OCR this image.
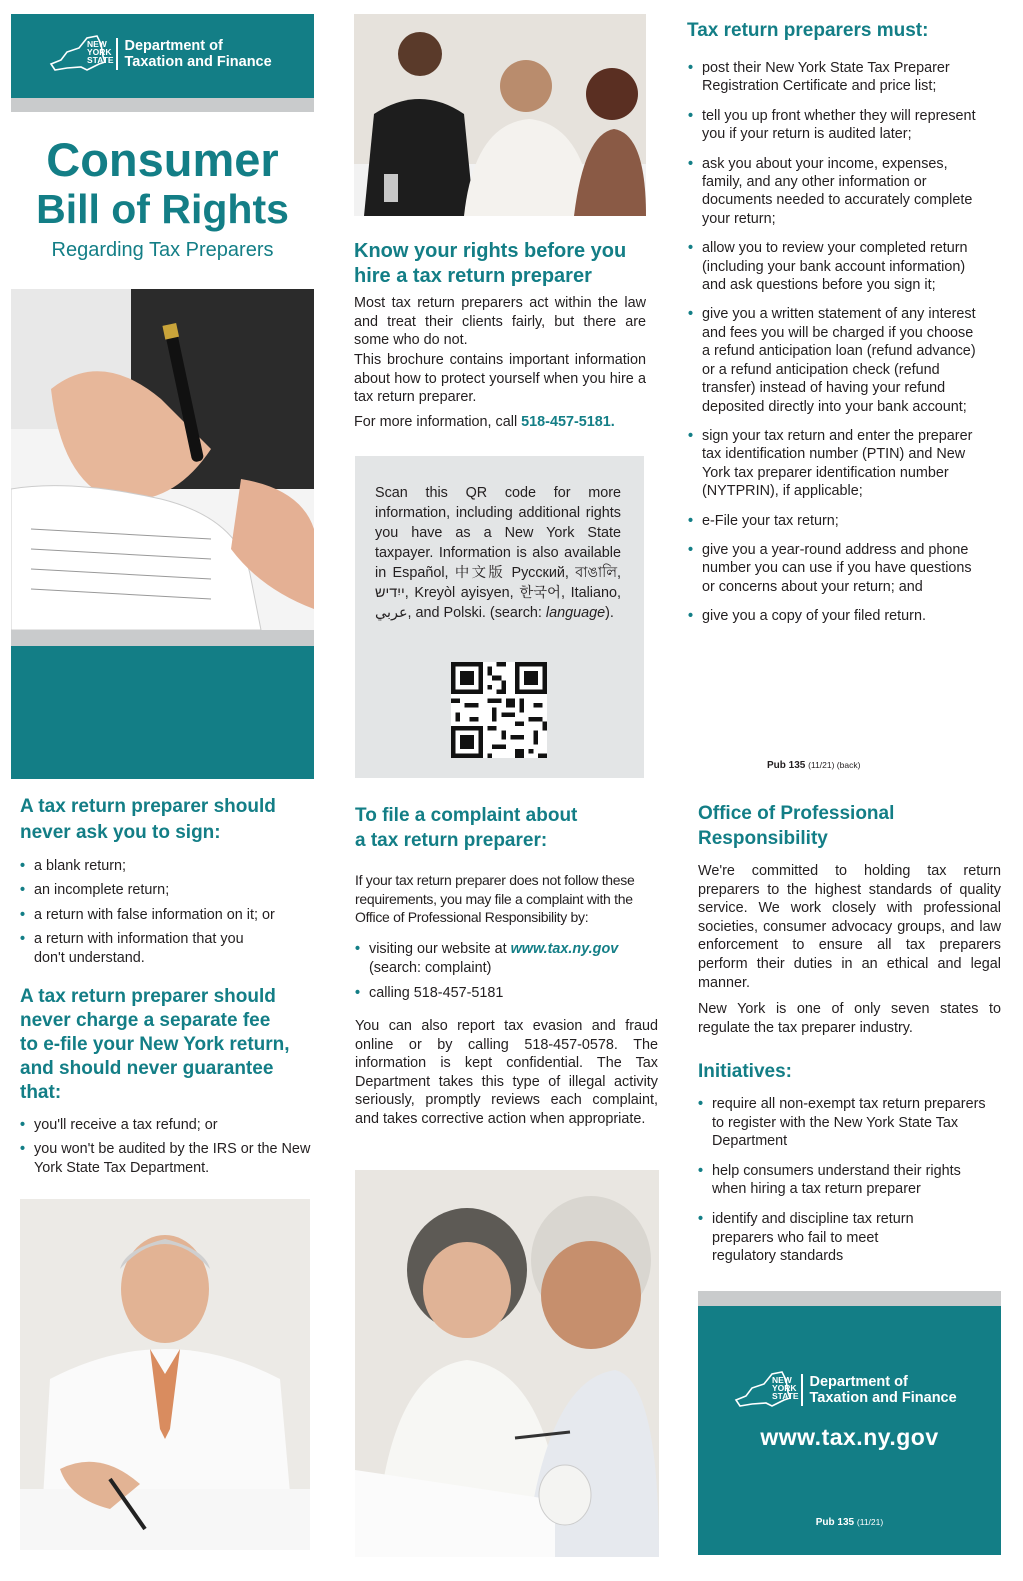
NEW
YORK
STATE
Department of
Taxation and Finance
Consumer
Bill of Rights
Regarding Tax Preparers	Know your rights before you
hire a tax return preparer
Most tax return preparers act within the law and treat their clients fairly, but there are some who do not.
This brochure contains important information about how to protect yourself when you hire a tax return preparer.
For more information, call 518-457-5181.
Scan this QR code for more information, including additional rights you have as a New York State taxpayer. Information is also available in Español, 中文版 Русский, বাঙালি, ייִדיש, Kreyòl ayisyen, 한국어, Italiano, عربي, and Polski. (search: language).
Tax return preparers must:
• post their New York State Tax Preparer Registration Certificate and price list;
• tell you up front whether they will represent you if your return is audited later;
• ask you about your income, expenses, family, and any other information or documents needed to accurately complete your return;
• allow you to review your completed return (including your bank account information) and ask questions before you sign it;
• give you a written statement of any interest and fees you will be charged if you choose a refund anticipation loan (refund advance) or a refund anticipation check (refund transfer) instead of having your refund deposited directly into your bank account;
• sign your tax return and enter the preparer tax identification number (PTIN) and New York tax preparer identification number (NYTPRIN), if applicable;
• e-File your tax return;
• give you a year-round address and phone number you can use if you have questions or concerns about your return; and
• give you a copy of your filed return.
Pub 135 (11/21) (back)
A tax return preparer should
never ask you to sign:
• a blank return;
• an incomplete return;
• a return with false information on it; or
• a return with information that you don't understand.
A tax return preparer should
never charge a separate fee
to e-file your New York return,
and should never guarantee
that:
• you'll receive a tax refund; or
• you won't be audited by the IRS or the New York State Tax Department.
To file a complaint about
a tax return preparer:
If your tax return preparer does not follow these requirements, you may file a complaint with the Office of Professional Responsibility by:
• visiting our website at www.tax.ny.gov
(search: complaint)
• calling 518-457-5181
You can also report tax evasion and fraud online or by calling 518-457-0578. The information is kept confidential. The Tax Department takes this type of illegal activity seriously, promptly reviews each complaint, and takes corrective action when appropriate.
Office of Professional
Responsibility
We're committed to holding tax return preparers to the highest standards of quality service. We work closely with professional societies, consumer advocacy groups, and law enforcement to ensure all tax preparers perform their duties in an ethical and legal manner.
New York is one of only seven states to regulate the tax preparer industry.
Initiatives:
• require all non-exempt tax return preparers to register with the New York State Tax Department
• help consumers understand their rights when hiring a tax return preparer
• identify and discipline tax return preparers who fail to meet regulatory standards
NEW
YORK
STATE
Department of
Taxation and Finance
www.tax.ny.gov
Pub 135 (11/21)
